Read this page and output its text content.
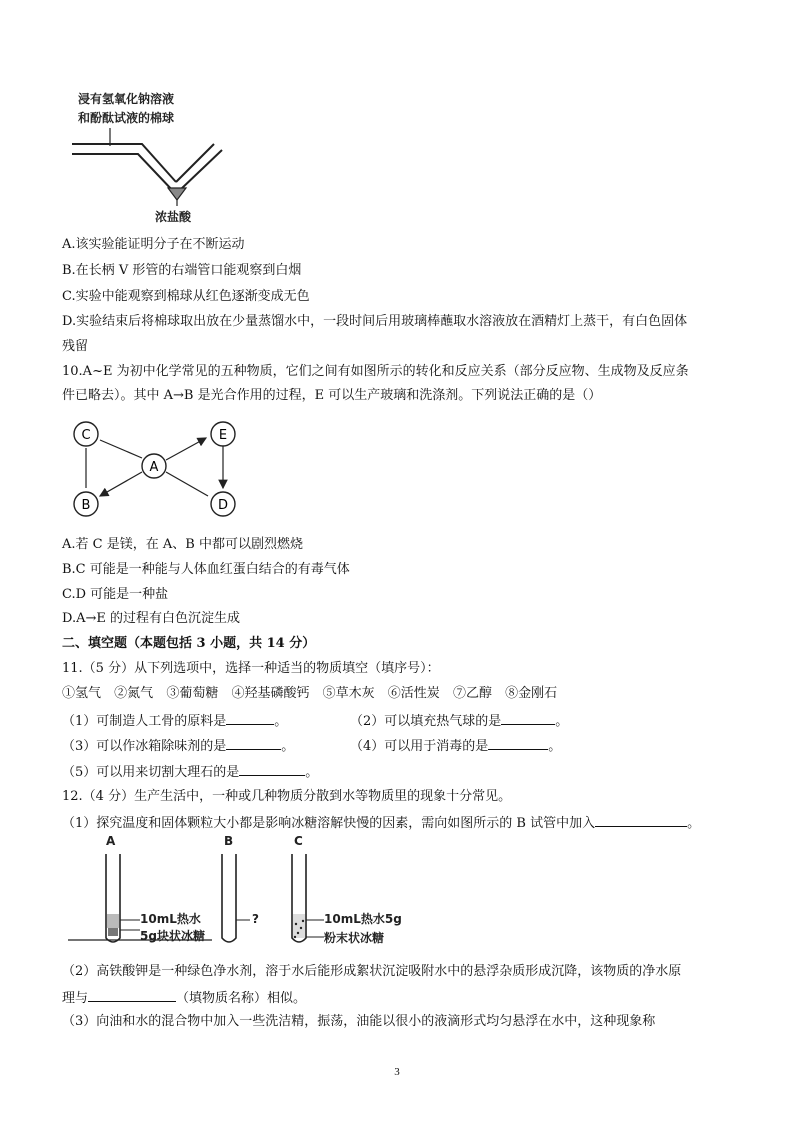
浸有氢氧化钠溶液
和酚酞试液的棉球
浓盐酸
A.该实验能证明分子在不断运动
B.在长柄 V 形管的右端管口能观察到白烟
C.实验中能观察到棉球从红色逐渐变成无色
D.实验结束后将棉球取出放在少量蒸馏水中，一段时间后用玻璃棒蘸取水溶液放在酒精灯上蒸干，有白色固体
残留
10.A~E 为初中化学常见的五种物质，它们之间有如图所示的转化和反应关系（部分反应物、生成物及反应条
件已略去）。其中 A→B 是光合作用的过程，E 可以生产玻璃和洗涤剂。下列说法正确的是（）
C	E
A
B	D
A.若 C 是镁，在 A、B 中都可以剧烈燃烧
B.C 可能是一种能与人体血红蛋白结合的有毒气体
C.D 可能是一种盐
D.A→E 的过程有白色沉淀生成
二、填空题（本题包括 3 小题，共 14 分）
11.（5 分）从下列选项中，选择一种适当的物质填空（填序号）：
①氢气 ②氮气 ③葡萄糖 ④羟基磷酸钙 ⑤草木灰 ⑥活性炭 ⑦乙醇 ⑧金刚石
（1）可制造人工骨的原料是	。	（2）可以填充热气球的是	。
（3）可以作冰箱除味剂的是	。	（4）可以用于消毒的是	。
（5）可以用来切割大理石的是	。
12.（4 分）生产生活中，一种或几种物质分散到水等物质里的现象十分常见。
（1）探究温度和固体颗粒大小都是影响冰糖溶解快慢的因素，需向如图所示的 B 试管中加入	。
A	B	C
10mL热水
5g块状冰糖
?	10mL热水5g
粉末状冰糖
（2）高铁酸钾是一种绿色净水剂，溶于水后能形成絮状沉淀吸附水中的悬浮杂质形成沉降，该物质的净水原
理与	（填物质名称）相似。
（3）向油和水的混合物中加入一些洗洁精，振荡，油能以很小的液滴形式均匀悬浮在水中，这种现象称
3
